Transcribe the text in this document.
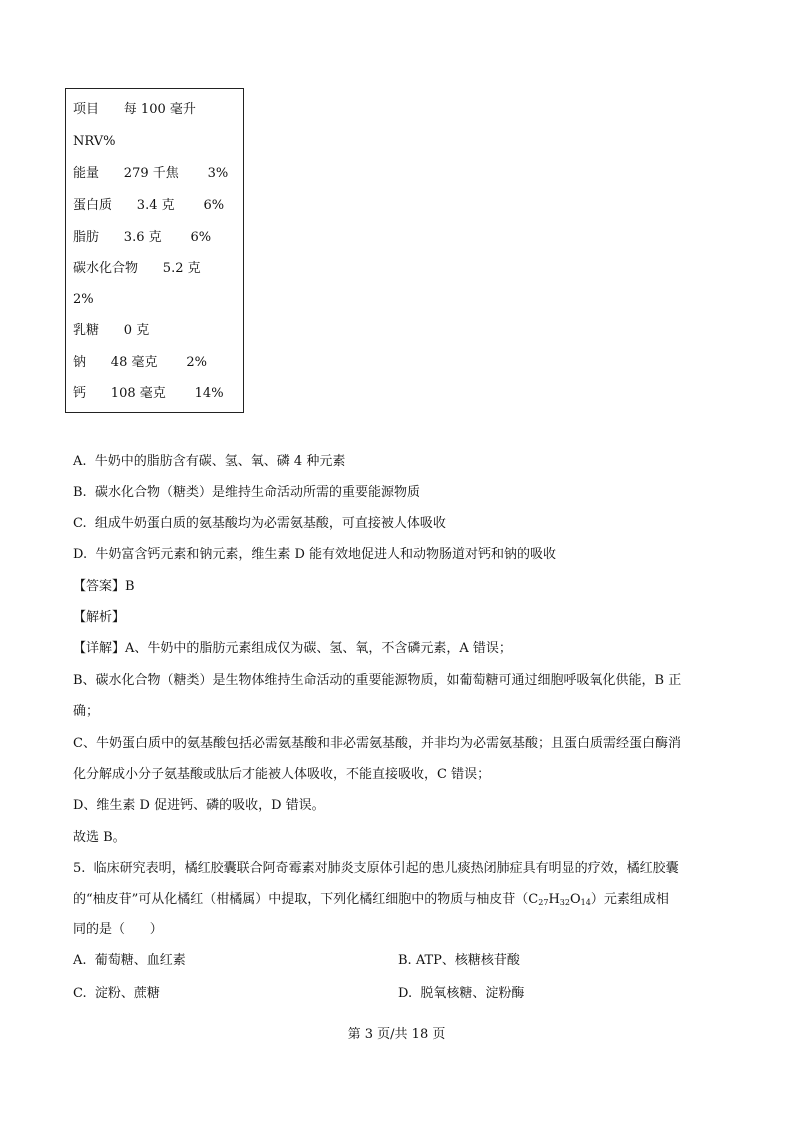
项目      每 100 毫升
NRV%
能量      279 千焦       3%
蛋白质      3.4 克       6%
脂肪      3.6 克       6%
碳水化合物      5.2 克
2%
乳糖      0 克
钠      48 毫克       2%
钙      108 毫克       14%
A.  牛奶中的脂肪含有碳、氢、氧、磷 4 种元素
B.  碳水化合物（糖类）是维持生命活动所需的重要能源物质
C.  组成牛奶蛋白质的氨基酸均为必需氨基酸，可直接被人体吸收
D.  牛奶富含钙元素和钠元素，维生素 D 能有效地促进人和动物肠道对钙和钠的吸收
【答案】B
【解析】
【详解】A、牛奶中的脂肪元素组成仅为碳、氢、氧，不含磷元素，A 错误；
B、碳水化合物（糖类）是生物体维持生命活动的重要能源物质，如葡萄糖可通过细胞呼吸氧化供能，B 正
确；
C、牛奶蛋白质中的氨基酸包括必需氨基酸和非必需氨基酸，并非均为必需氨基酸；且蛋白质需经蛋白酶消
化分解成小分子氨基酸或肽后才能被人体吸收，不能直接吸收，C 错误；
D、维生素 D 促进钙、磷的吸收，D 错误。
故选 B。
5.  临床研究表明，橘红胶囊联合阿奇霉素对肺炎支原体引起的患儿痰热闭肺症具有明显的疗效，橘红胶囊
的“柚皮苷”可从化橘红（柑橘属）中提取，下列化橘红细胞中的物质与柚皮苷$(C_{27}H_{32}O_{14})$元素组成相
同的是（      ）
A.  葡萄糖、血红素	B. ATP、核糖核苷酸
C.  淀粉、蔗糖	D.  脱氧核糖、淀粉酶
第 3 页/共 18 页
